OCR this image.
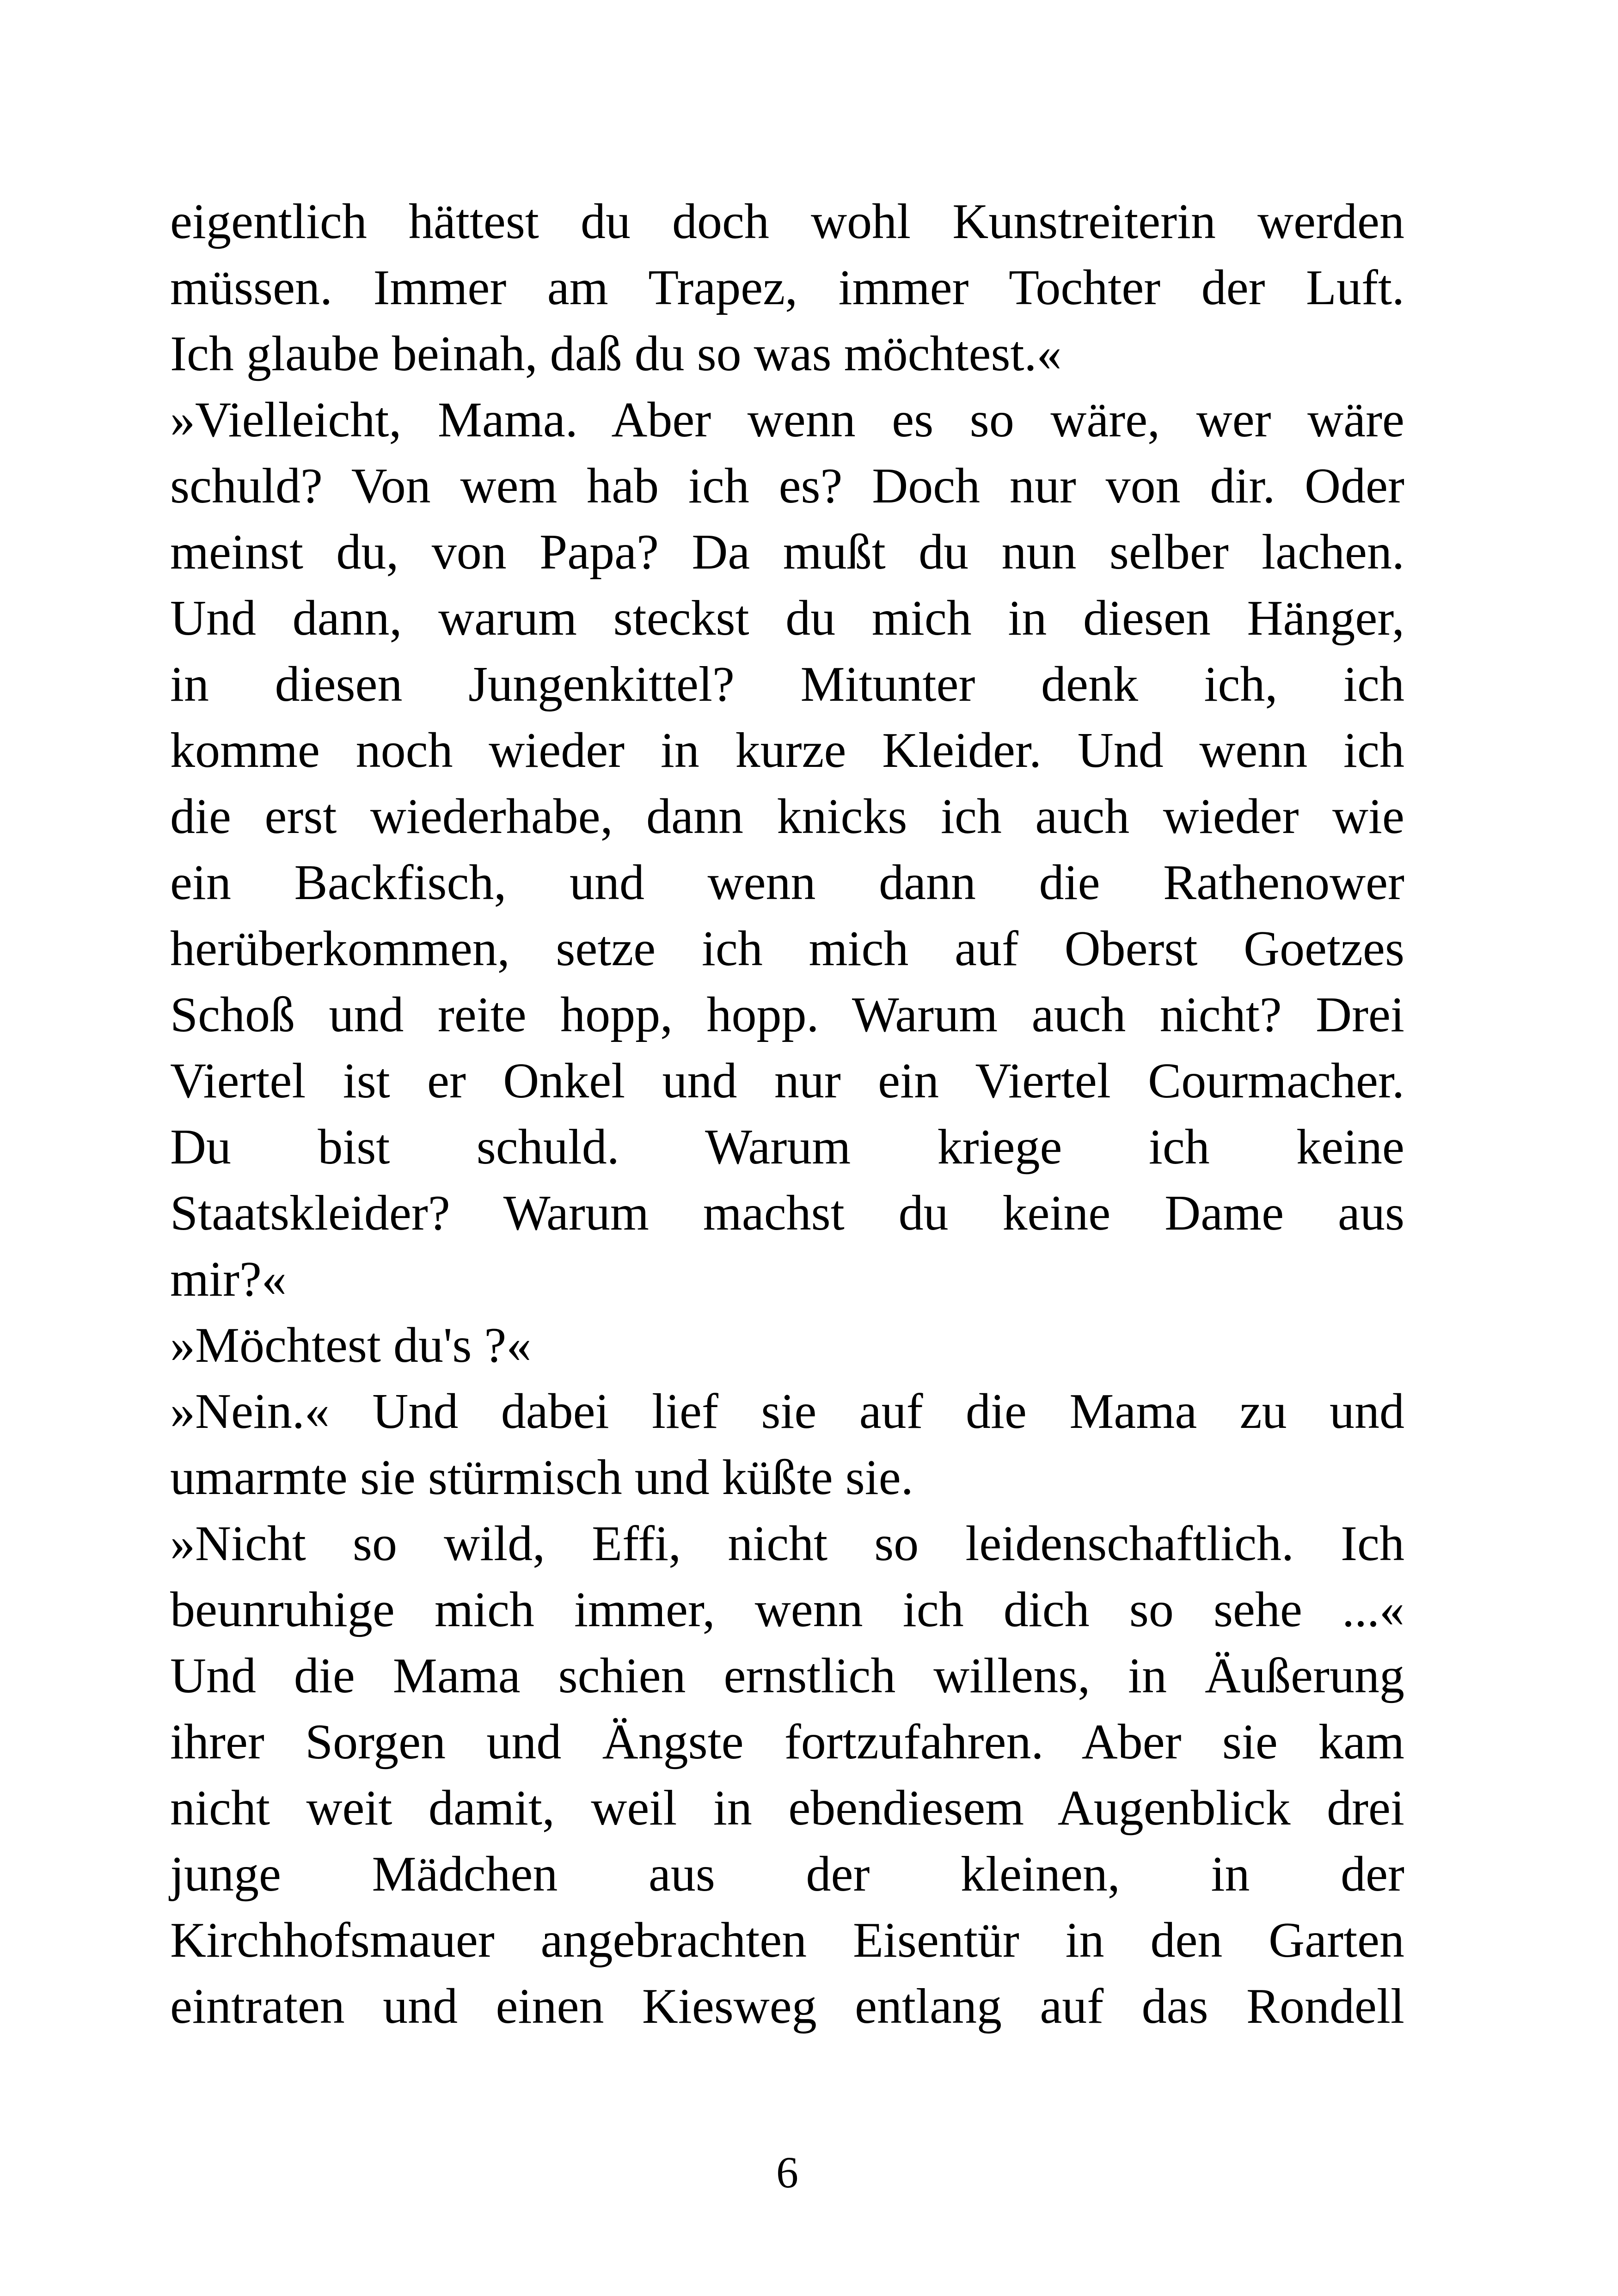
eigentlich hättest du doch wohl Kunstreiterin werden
müssen. Immer am Trapez, immer Tochter der Luft.
Ich glaube beinah, daß du so was möchtest.«
»Vielleicht, Mama. Aber wenn es so wäre, wer wäre
schuld? Von wem hab ich es? Doch nur von dir. Oder
meinst du, von Papa? Da mußt du nun selber lachen.
Und dann, warum steckst du mich in diesen Hänger,
in diesen Jungenkittel? Mitunter denk ich, ich
komme noch wieder in kurze Kleider. Und wenn ich
die erst wiederhabe, dann knicks ich auch wieder wie
ein Backfisch, und wenn dann die Rathenower
herüberkommen, setze ich mich auf Oberst Goetzes
Schoß und reite hopp, hopp. Warum auch nicht? Drei
Viertel ist er Onkel und nur ein Viertel Courmacher.
Du bist schuld. Warum kriege ich keine
Staatskleider? Warum machst du keine Dame aus
mir?«
»Möchtest du's ?«
»Nein.« Und dabei lief sie auf die Mama zu und
umarmte sie stürmisch und küßte sie.
»Nicht so wild, Effi, nicht so leidenschaftlich. Ich
beunruhige mich immer, wenn ich dich so sehe ...«
Und die Mama schien ernstlich willens, in Äußerung
ihrer Sorgen und Ängste fortzufahren. Aber sie kam
nicht weit damit, weil in ebendiesem Augenblick drei
junge Mädchen aus der kleinen, in der
Kirchhofsmauer angebrachten Eisentür in den Garten
eintraten und einen Kiesweg entlang auf das Rondell
6
